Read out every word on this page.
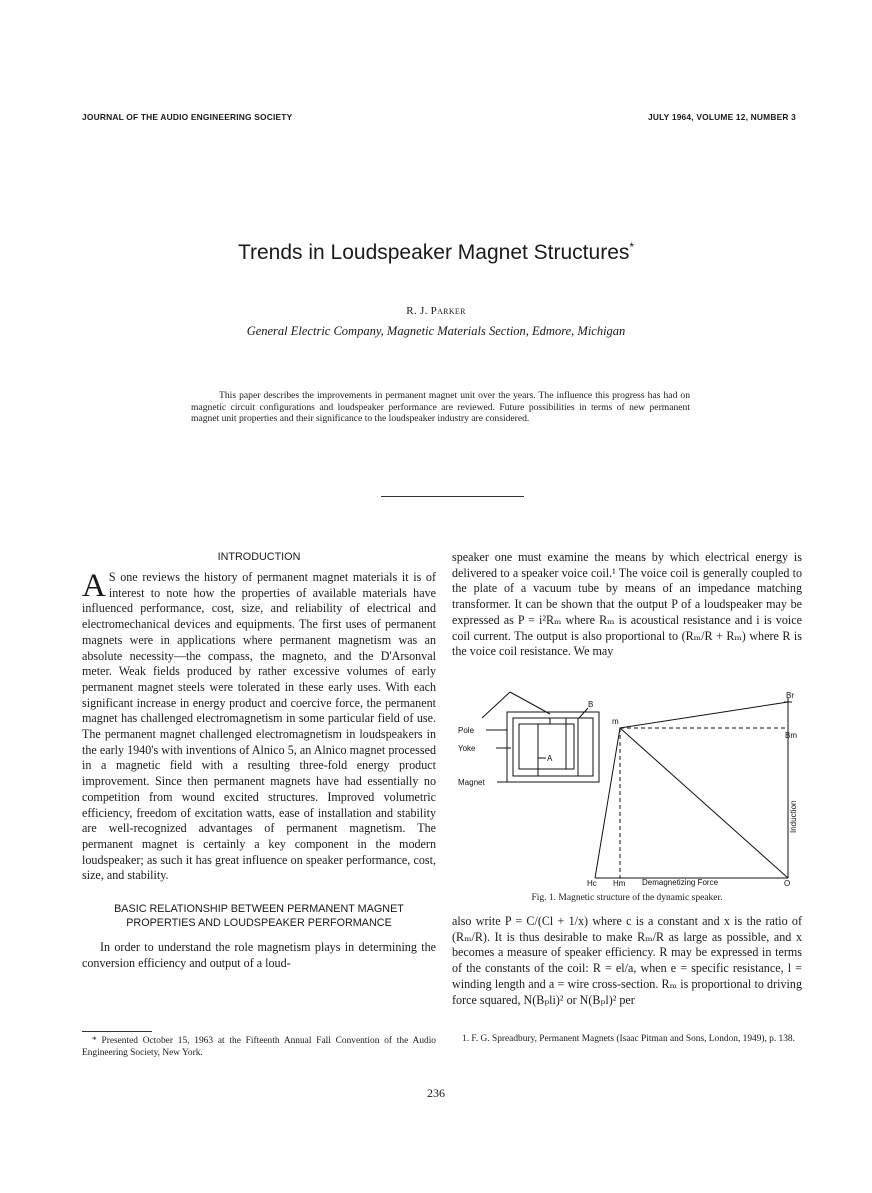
JOURNAL OF THE AUDIO ENGINEERING SOCIETY	JULY 1964, VOLUME 12, NUMBER 3
Trends in Loudspeaker Magnet Structures*
R. J. Parker
General Electric Company, Magnetic Materials Section, Edmore, Michigan
This paper describes the improvements in permanent magnet unit over the years. The influence this progress has had on magnetic circuit configurations and loudspeaker performance are reviewed. Future possibilities in terms of new permanent magnet unit properties and their significance to the loudspeaker industry are considered.
INTRODUCTION

A S one reviews the history of permanent magnet materials it is of interest to note how the properties of available materials have influenced performance, cost, size, and reliability of electrical and electromechanical devices and equipments. The first uses of permanent magnets were in applications where permanent magnetism was an absolute necessity—the compass, the magneto, and the D'Arsonval meter. Weak fields produced by rather excessive volumes of early permanent magnet steels were tolerated in these early uses. With each significant increase in energy product and coercive force, the permanent magnet has challenged electromagnetism in some particular field of use. The permanent magnet challenged electromagnetism in loudspeakers in the early 1940's with inventions of Alnico 5, an Alnico magnet processed in a magnetic field with a resulting three-fold energy product improvement. Since then permanent magnets have had essentially no competition from wound excited structures. Improved volumetric efficiency, freedom of excitation watts, ease of installation and stability are well-recognized advantages of permanent magnetism. The permanent magnet is certainly a key component in the modern loudspeaker; as such it has great influence on speaker performance, cost, size, and stability.

BASIC RELATIONSHIP BETWEEN PERMANENT MAGNET PROPERTIES AND LOUDSPEAKER PERFORMANCE

In order to understand the role magnetism plays in determining the conversion efficiency and output of a loud-

speaker one must examine the means by which electrical energy is delivered to a speaker voice coil.¹ The voice coil is generally coupled to the plate of a vacuum tube by means of an impedance matching transformer. It can be shown that the output P of a loudspeaker may be expressed as P = i²Rₘ where Rₘ is acoustical resistance and i is voice coil current. The output is also proportional to (Rₘ/R + Rₘ) where R is the voice coil resistance. We may

Pole
Yoke
Magnet
B
A
m
Br
Bm
Induction
Hc Hm Demagnetizing Force	O
Fig. 1. Magnetic structure of the dynamic speaker.

also write P = C/(Cl + 1/x) where c is a constant and x is the ratio of (Rₘ/R). It is thus desirable to make Rₘ/R as large as possible, and x becomes a measure of speaker efficiency. R may be expressed in terms of the constants of the coil: R = el/a, when e = specific resistance, l = winding length and a = wire cross-section. Rₘ is proportional to driving force squared, N(Bₚli)² or N(Bₚl)² per

* Presented October 15, 1963 at the Fifteenth Annual Fall Convention of the Audio Engineering Society, New York.
1. F. G. Spreadbury, Permanent Magnets (Isaac Pitman and Sons, London, 1949), p. 138.
236
